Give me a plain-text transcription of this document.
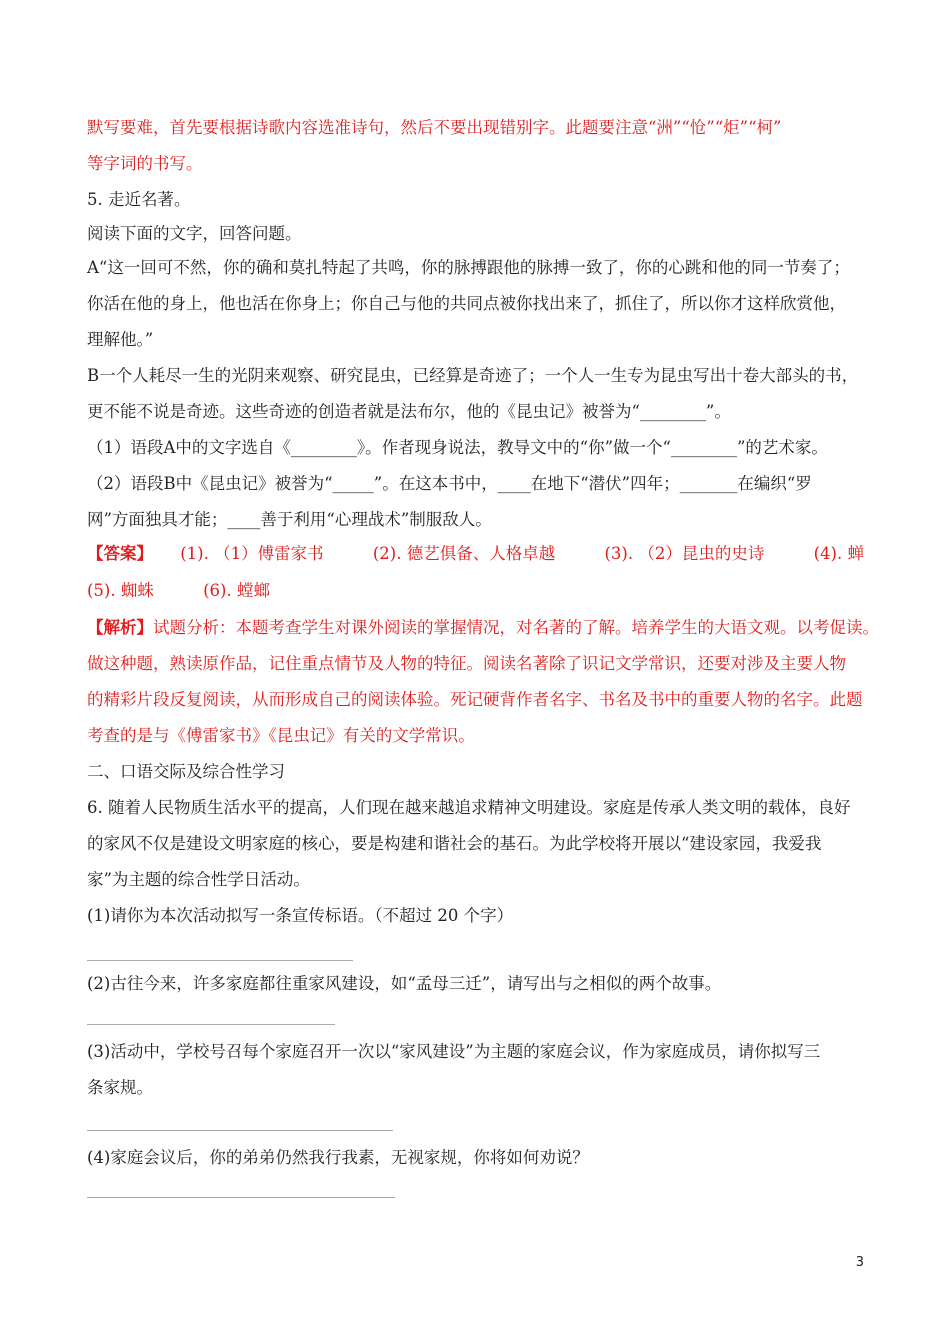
默写要难，首先要根据诗歌内容选准诗句，然后不要出现错别字。此题要注意“洲”“怆”“炬”“柯”
等字词的书写。
5. 走近名著。
阅读下面的文字，回答问题。
A“这一回可不然，你的确和莫扎特起了共鸣，你的脉搏跟他的脉搏一致了，你的心跳和他的同一节奏了；
你活在他的身上，他也活在你身上；你自己与他的共同点被你找出来了，抓住了，所以你才这样欣赏他，
理解他。”
B一个人耗尽一生的光阴来观察、研究昆虫，已经算是奇迹了；一个人一生专为昆虫写出十卷大部头的书，
更不能不说是奇迹。这些奇迹的创造者就是法布尔，他的《昆虫记》被誉为“________”。
（1）语段A中的文字选自《________》。作者现身说法，教导文中的“你”做一个“________”的艺术家。
（2）语段B中《昆虫记》被誉为“_____”。在这本书中，____在地下“潜伏”四年；_______在编织“罗
网”方面独具才能；____善于利用“心理战术”制服敌人。
【答案】 (1). （1）傅雷家书	(2). 德艺俱备、人格卓越	(3). （2）昆虫的史诗	(4). 蝉
(5). 蜘蛛	(6). 螳螂
【解析】试题分析：本题考查学生对课外阅读的掌握情况，对名著的了解。培养学生的大语文观。以考促读。
做这种题，熟读原作品，记住重点情节及人物的特征。阅读名著除了识记文学常识，还要对涉及主要人物
的精彩片段反复阅读，从而形成自己的阅读体验。死记硬背作者名字、书名及书中的重要人物的名字。此题
考查的是与《傅雷家书》《昆虫记》有关的文学常识。
二、口语交际及综合性学习
6. 随着人民物质生活水平的提高，人们现在越来越追求精神文明建设。家庭是传承人类文明的载体，良好
的家风不仅是建设文明家庭的核心，要是构建和谐社会的基石。为此学校将开展以“建设家园，我爱我
家”为主题的综合性学日活动。
(1)请你为本次活动拟写一条宣传标语。（不超过 20 个字）
(2)古往今来，许多家庭都往重家风建设，如“孟母三迁”，请写出与之相似的两个故事。
(3)活动中，学校号召每个家庭召开一次以“家风建设”为主题的家庭会议，作为家庭成员，请你拟写三
条家规。
(4)家庭会议后，你的弟弟仍然我行我素，无视家规，你将如何劝说？
3
